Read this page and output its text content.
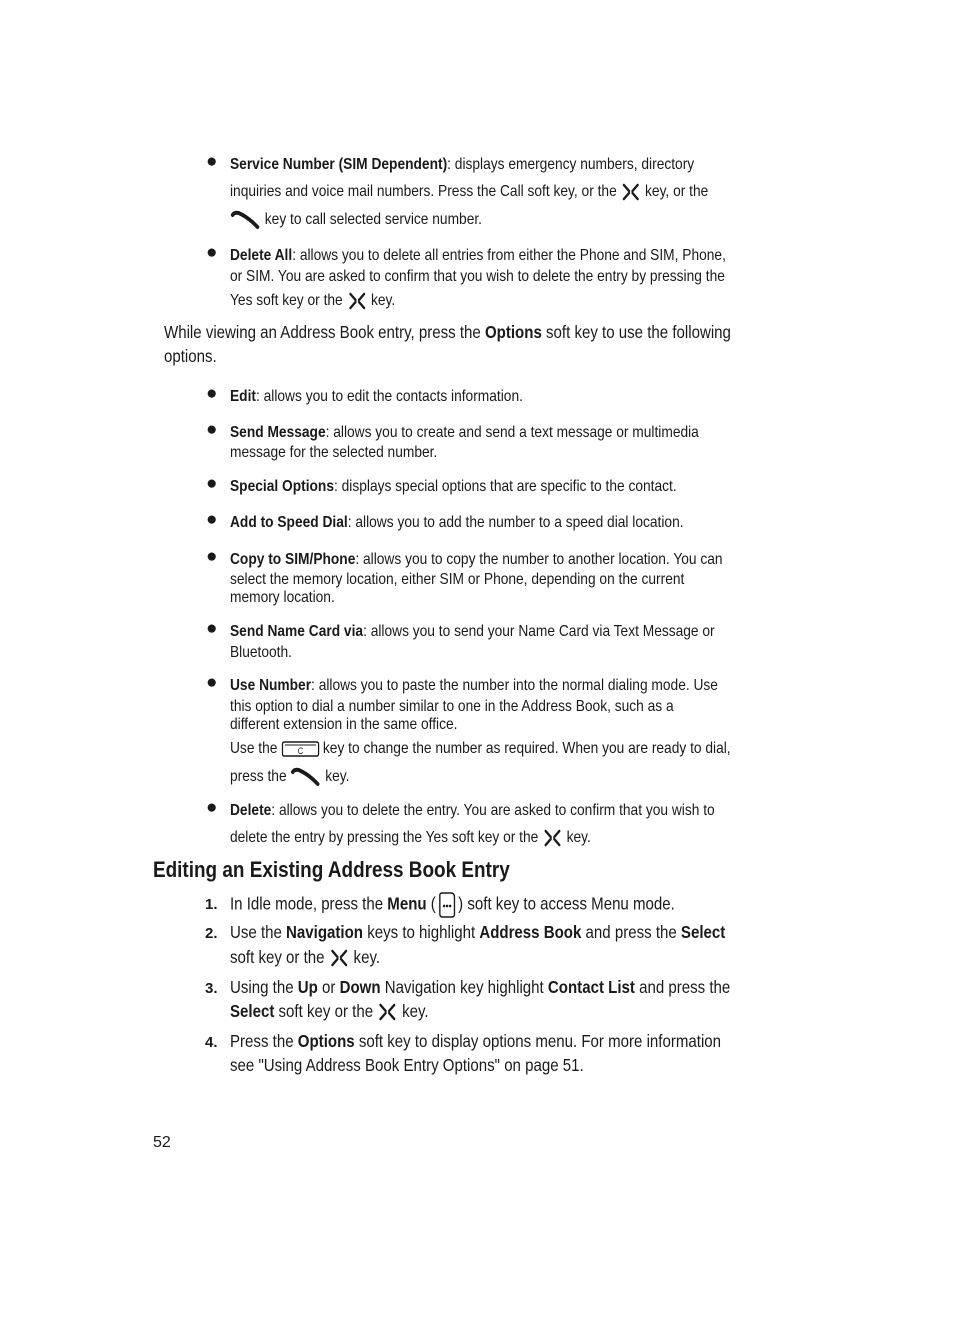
● Service Number (SIM Dependent): displays emergency numbers, directory
inquiries and voice mail numbers. Press the Call soft key, or the key, or the
key to call selected service number.
● Delete All: allows you to delete all entries from either the Phone and SIM, Phone,
or SIM. You are asked to confirm that you wish to delete the entry by pressing the
Yes soft key or the key.
While viewing an Address Book entry, press the Options soft key to use the following
options.
● Edit: allows you to edit the contacts information.
● Send Message: allows you to create and send a text message or multimedia
message for the selected number.
● Special Options: displays special options that are specific to the contact.
● Add to Speed Dial: allows you to add the number to a speed dial location.
● Copy to SIM/Phone: allows you to copy the number to another location. You can
select the memory location, either SIM or Phone, depending on the current
memory location.
● Send Name Card via: allows you to send your Name Card via Text Message or
Bluetooth.
● Use Number: allows you to paste the number into the normal dialing mode. Use
this option to dial a number similar to one in the Address Book, such as a
different extension in the same office.
Use the C key to change the number as required. When you are ready to dial,
press the key.
● Delete: allows you to delete the entry. You are asked to confirm that you wish to
delete the entry by pressing the Yes soft key or the key.
Editing an Existing Address Book Entry
1. In Idle mode, press the Menu ( ) soft key to access Menu mode.
2. Use the Navigation keys to highlight Address Book and press the Select
soft key or the key.
3. Using the Up or Down Navigation key highlight Contact List and press the
Select soft key or the key.
4. Press the Options soft key to display options menu. For more information
see "Using Address Book Entry Options" on page 51.
52
